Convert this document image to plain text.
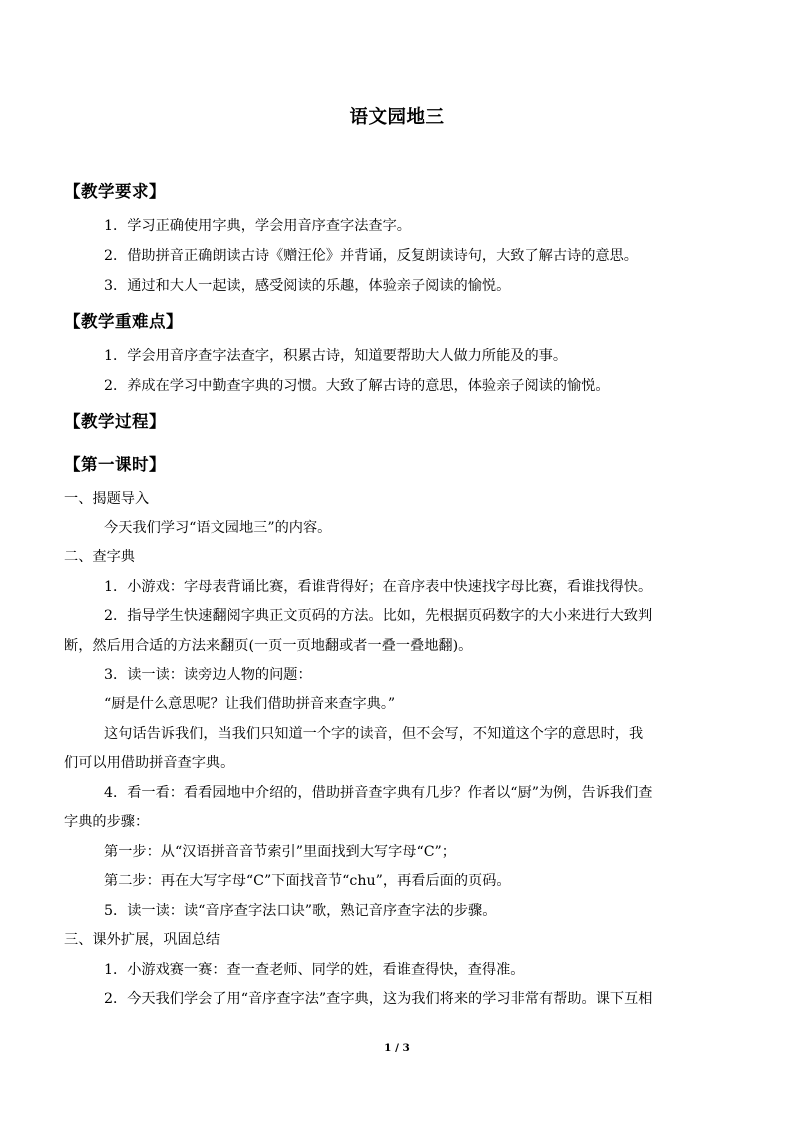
语文园地三
【教学要求】
1．学习正确使用字典，学会用音序查字法查字。
2．借助拼音正确朗读古诗《赠汪伦》并背诵，反复朗读诗句，大致了解古诗的意思。
3．通过和大人一起读，感受阅读的乐趣，体验亲子阅读的愉悦。
【教学重难点】
1．学会用音序查字法查字，积累古诗，知道要帮助大人做力所能及的事。
2．养成在学习中勤查字典的习惯。大致了解古诗的意思，体验亲子阅读的愉悦。
【教学过程】
【第一课时】
一、揭题导入
今天我们学习“语文园地三”的内容。
二、查字典
1．小游戏：字母表背诵比赛，看谁背得好；在音序表中快速找字母比赛，看谁找得快。
2．指导学生快速翻阅字典正文页码的方法。比如，先根据页码数字的大小来进行大致判
断，然后用合适的方法来翻页(一页一页地翻或者一叠一叠地翻)。
3．读一读：读旁边人物的问题：
“厨是什么意思呢？让我们借助拼音来查字典。”
这句话告诉我们，当我们只知道一个字的读音，但不会写，不知道这个字的意思时，我
们可以用借助拼音查字典。
4．看一看：看看园地中介绍的，借助拼音查字典有几步？作者以“厨”为例，告诉我们查
字典的步骤：
第一步：从“汉语拼音音节索引”里面找到大写字母“C”；
第二步：再在大写字母“C”下面找音节“chu”，再看后面的页码。
5．读一读：读“音序查字法口诀”歌，熟记音序查字法的步骤。
三、课外扩展，巩固总结
1．小游戏赛一赛：查一查老师、同学的姓，看谁查得快，查得准。
2．今天我们学会了用“音序查字法”查字典，这为我们将来的学习非常有帮助。课下互相
1 / 3
